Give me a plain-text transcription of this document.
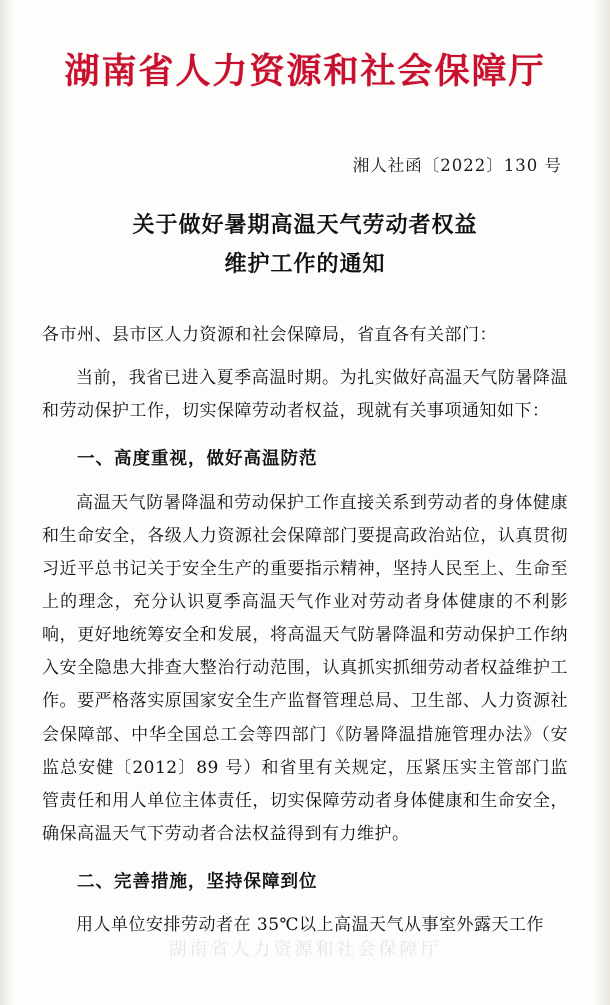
湖南省人力资源和社会保障厅
湘人社函〔2022〕130 号
关于做好暑期高温天气劳动者权益
维护工作的通知
各市州、县市区人力资源和社会保障局，省直各有关部门：

当前，我省已进入夏季高温时期。为扎实做好高温天气防暑降温和劳动保护工作，切实保障劳动者权益，现就有关事项通知如下：

一、高度重视，做好高温防范

高温天气防暑降温和劳动保护工作直接关系到劳动者的身体健康和生命安全，各级人力资源社会保障部门要提高政治站位，认真贯彻习近平总书记关于安全生产的重要指示精神，坚持人民至上、生命至上的理念，充分认识夏季高温天气作业对劳动者身体健康的不利影响，更好地统筹安全和发展，将高温天气防暑降温和劳动保护工作纳入安全隐患大排查大整治行动范围，认真抓实抓细劳动者权益维护工作。要严格落实原国家安全生产监督管理总局、卫生部、人力资源社会保障部、中华全国总工会等四部门《防暑降温措施管理办法》（安监总安健〔2012〕89 号）和省里有关规定，压紧压实主管部门监管责任和用人单位主体责任，切实保障劳动者身体健康和生命安全，确保高温天气下劳动者合法权益得到有力维护。

二、完善措施，坚持保障到位

用人单位安排劳动者在 35℃以上高温天气从事室外露天工作

湖南省人力资源和社会保障厅
